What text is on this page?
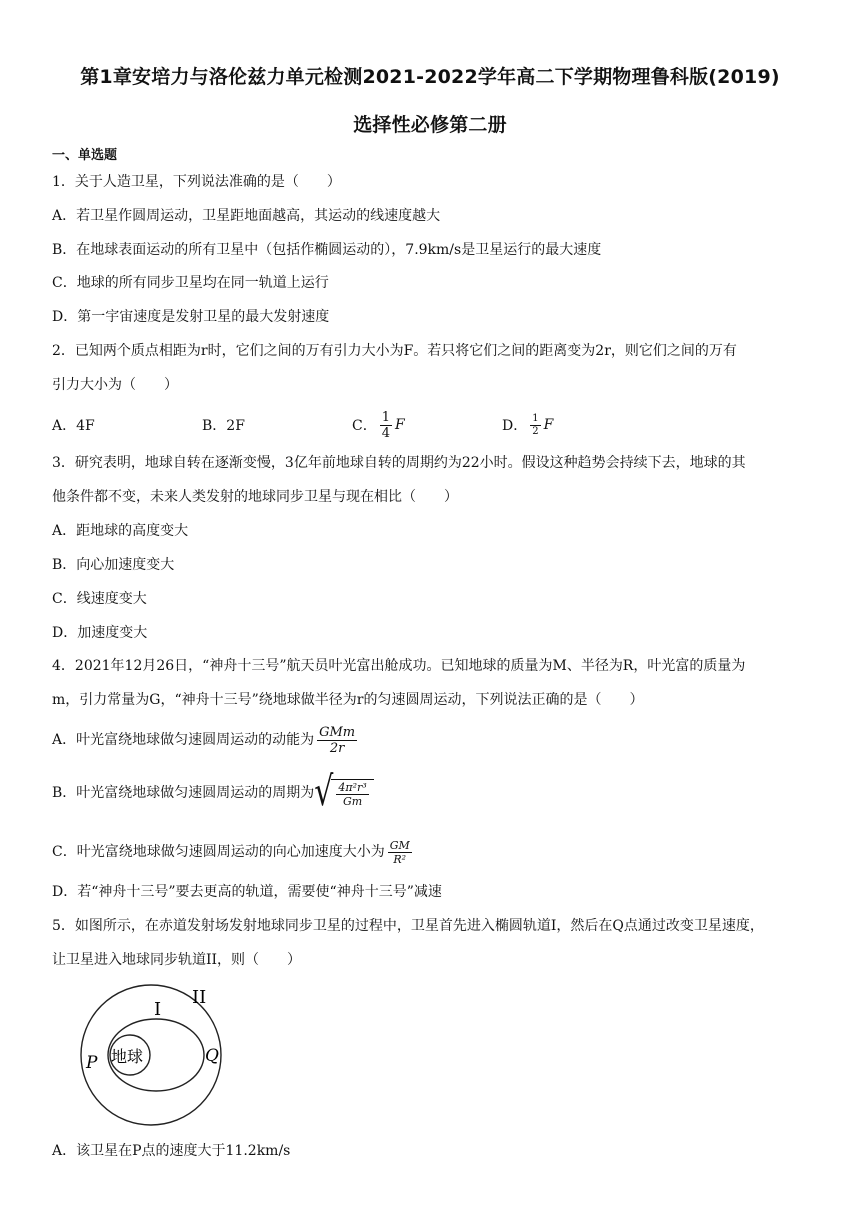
第1章安培力与洛伦兹力单元检测2021-2022学年高二下学期物理鲁科版(2019)
选择性必修第二册
一、单选题
1．关于人造卫星，下列说法准确的是（　　）
A．若卫星作圆周运动，卫星距地面越高，其运动的线速度越大
B．在地球表面运动的所有卫星中（包括作椭圆运动的），7.9km/s是卫星运行的最大速度
C．地球的所有同步卫星均在同一轨道上运行
D．第一宇宙速度是发射卫星的最大发射速度
2．已知两个质点相距为r时，它们之间的万有引力大小为F。若只将它们之间的距离变为2r，则它们之间的万有
引力大小为（　　）
A．4F	B．2F	C． $\frac{1}{4}$ F	D． $\frac{1}{2}$ F
3．研究表明，地球自转在逐渐变慢，3亿年前地球自转的周期约为22小时。假设这种趋势会持续下去，地球的其
他条件都不变，未来人类发射的地球同步卫星与现在相比（　　）
A．距地球的高度变大
B．向心加速度变大
C．线速度变大
D．加速度变大
4．2021年12月26日，“神舟十三号”航天员叶光富出舱成功。已知地球的质量为M、半径为R，叶光富的质量为
m，引力常量为G，“神舟十三号”绕地球做半径为r的匀速圆周运动，下列说法正确的是（　　）
A．叶光富绕地球做匀速圆周运动的动能为 $\frac{\text{GMm}}{2r}$
B．叶光富绕地球做匀速圆周运动的周期为 √ $\frac{\text{4π²r³}}{Gm}$
C．叶光富绕地球做匀速圆周运动的向心加速度大小为 $\frac{GM}{\text{R²}}$
D．若“神舟十三号”要去更高的轨道，需要使“神舟十三号”减速
5．如图所示，在赤道发射场发射地球同步卫星的过程中，卫星首先进入椭圆轨道I，然后在Q点通过改变卫星速度，
让卫星进入地球同步轨道II，则（　　）
II
I
P	Q
地球
A．该卫星在P点的速度大于11.2km/s
